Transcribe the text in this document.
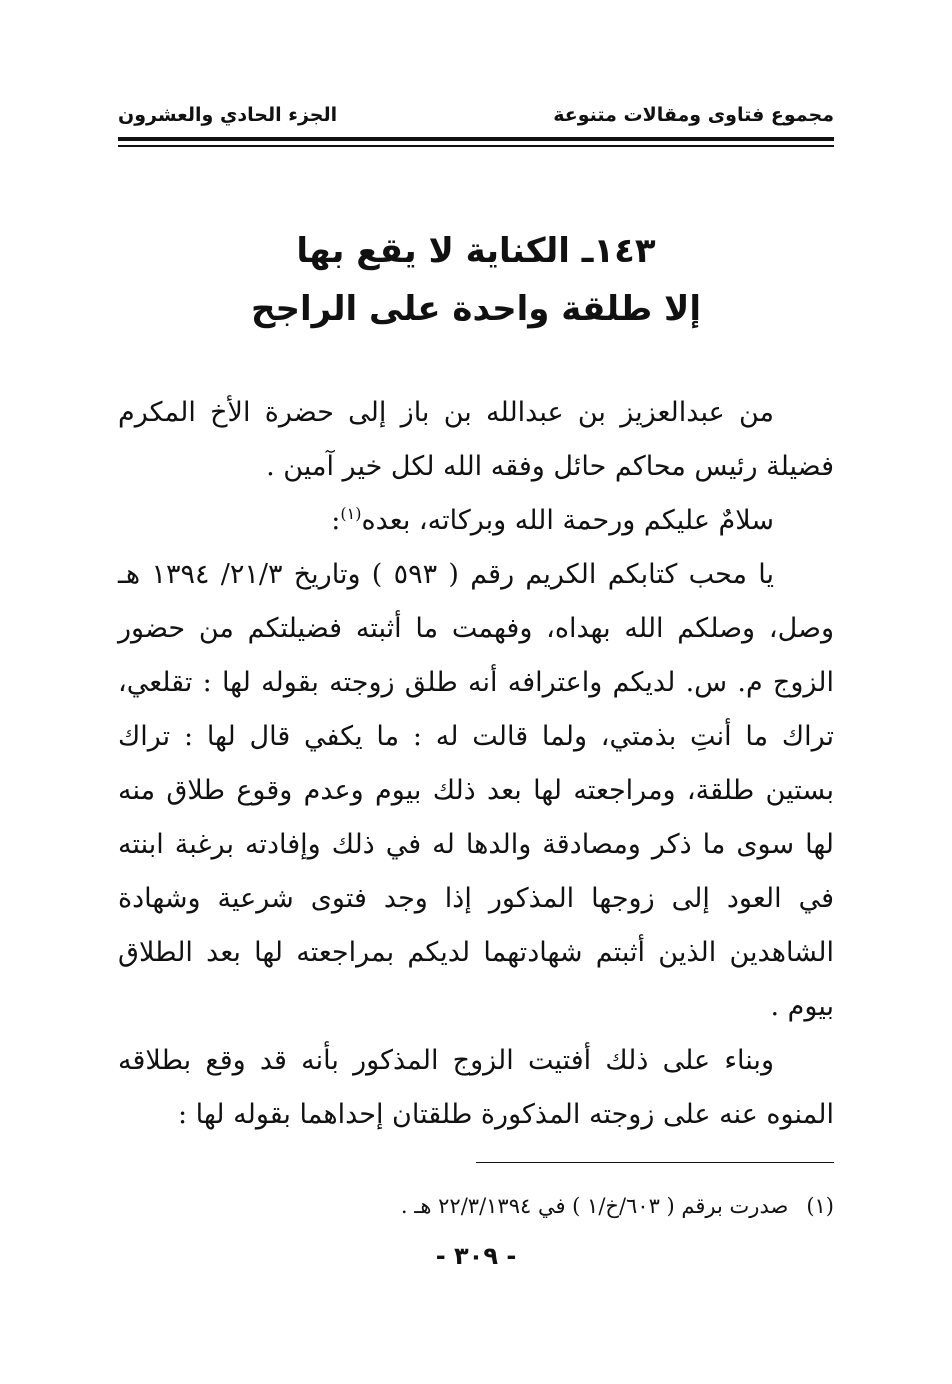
مجموع فتاوى ومقالات متنوعة
الجزء الحادي والعشرون
١٤٣ـ الكناية لا يقع بها
إلا طلقة واحدة على الراجح

من عبدالعزيز بن عبدالله بن باز إلى حضرة الأخ المكرم فضيلة رئيس محاكم حائل وفقه الله لكل خير آمين .

سلامٌ عليكم ورحمة الله وبركاته، بعده$^{(١)}$:

يا محب كتابكم الكريم رقم ( ٥٩٣ ) وتاريخ ٢١/٣/ ١٣٩٤ هـ وصل، وصلكم الله بهداه، وفهمت ما أثبته فضيلتكم من حضور الزوج م. س. لديكم واعترافه أنه طلق زوجته بقوله لها : تقلعي، تراك ما أنتِ بذمتي، ولما قالت له : ما يكفي قال لها : تراك بستين طلقة، ومراجعته لها بعد ذلك بيوم وعدم وقوع طلاق منه لها سوى ما ذكر ومصادقة والدها له في ذلك وإفادته برغبة ابنته في العود إلى زوجها المذكور إذا وجد فتوى شرعية وشهادة الشاهدين الذين أثبتم شهادتهما لديكم بمراجعته لها بعد الطلاق بيوم .

وبناء على ذلك أفتيت الزوج المذكور بأنه قد وقع بطلاقه المنوه عنه على زوجته المذكورة طلقتان إحداهما بقوله لها :

(١)صدرت برقم ( ٦٠٣/خ/١ ) في ٢٢/٣/١٣٩٤ هـ .
- ٣٠٩ -
